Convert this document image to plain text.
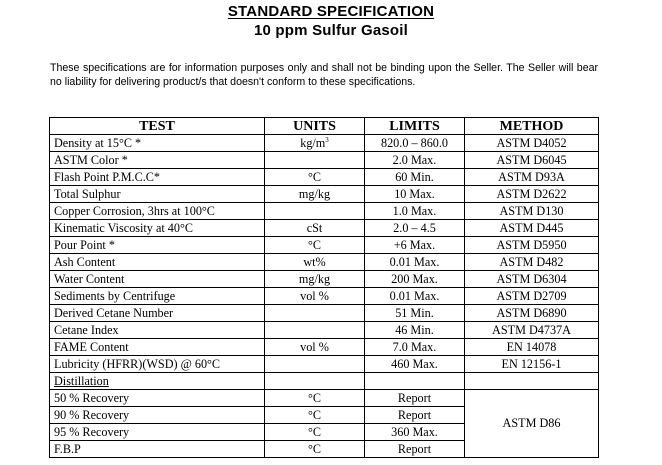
STANDARD SPECIFICATION
10 ppm Sulfur Gasoil
These specifications are for information purposes only and shall not be binding upon the Seller. The Seller will bear no liability for delivering product/s that doesn't conform to these specifications.
TEST	UNITS	LIMITS	METHOD
Density at 15°C *	$kg/m^3$	820.0 – 860.0	ASTM D4052
ASTM Color *		2.0 Max.	ASTM D6045
Flash Point P.M.C.C*	°C	60 Min.	ASTM D93A
Total Sulphur	mg/kg	10 Max.	ASTM D2622
Copper Corrosion, 3hrs at 100°C		1.0 Max.	ASTM D130
Kinematic Viscosity at 40°C	cSt	2.0 – 4.5	ASTM D445
Pour Point *	°C	+6 Max.	ASTM D5950
Ash Content	wt%	0.01 Max.	ASTM D482
Water Content	mg/kg	200 Max.	ASTM D6304
Sediments by Centrifuge	vol %	0.01 Max.	ASTM D2709
Derived Cetane Number		51 Min.	ASTM D6890
Cetane Index		46 Min.	ASTM D4737A
FAME Content	vol %	7.0 Max.	EN 14078
Lubricity (HFRR)(WSD) @ 60°C		460 Max.	EN 12156-1
Distillation			
50 % Recovery	°C	Report	ASTM D86
90 % Recovery	°C	Report	
95 % Recovery	°C	360 Max.	
F.B.P	°C	Report	
